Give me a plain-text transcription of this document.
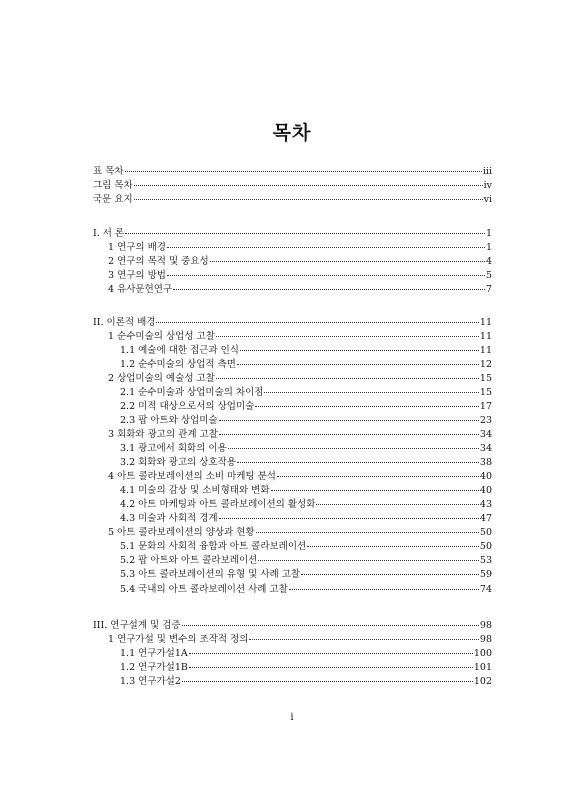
목차
표 목차	iii
그림 목차	iv
국문 요지	vi
I. 서 론	1
1 연구의 배경	1
2 연구의 목적 및 중요성	4
3 연구의 방법	5
4 유사문헌연구	7
II. 이론적 배경	11
1 순수미술의 상업성 고찰	11
1.1 예술에 대한 접근과 인식	11
1.2 순수미술의 상업적 측면	12
2 상업미술의 예술성 고찰	15
2.1 순수미술과 상업미술의 차이점	15
2.2 미적 대상으로서의 상업미술	17
2.3 팝 아트와 상업미술	23
3 회화와 광고의 관계 고찰	34
3.1 광고에서 회화의 이용	34
3.2 회화와 광고의 상호작용	38
4 아트 콜라보레이션의 소비 마케팅 분석	40
4.1 미술의 감상 및 소비형태와 변화	40
4.2 아트 마케팅과 아트 콜라보레이션의 활성화	43
4.3 미술과 사회적 경계	47
5 아트 콜라보레이션의 양상과 현황	50
5.1 문화의 사회적 융합과 아트 콜라보레이션	50
5.2 팝 아트와 아트 콜라보레이션	53
5.3 아트 콜라보레이션의 유형 및 사례 고찰	59
5.4 국내의 아트 콜라보레이션 사례 고찰	74
III. 연구설계 및 검증	98
1 연구가설 및 변수의 조작적 정의	98
1.1 연구가설1A	100
1.2 연구가설1B	101
1.3 연구가설2	102
i
